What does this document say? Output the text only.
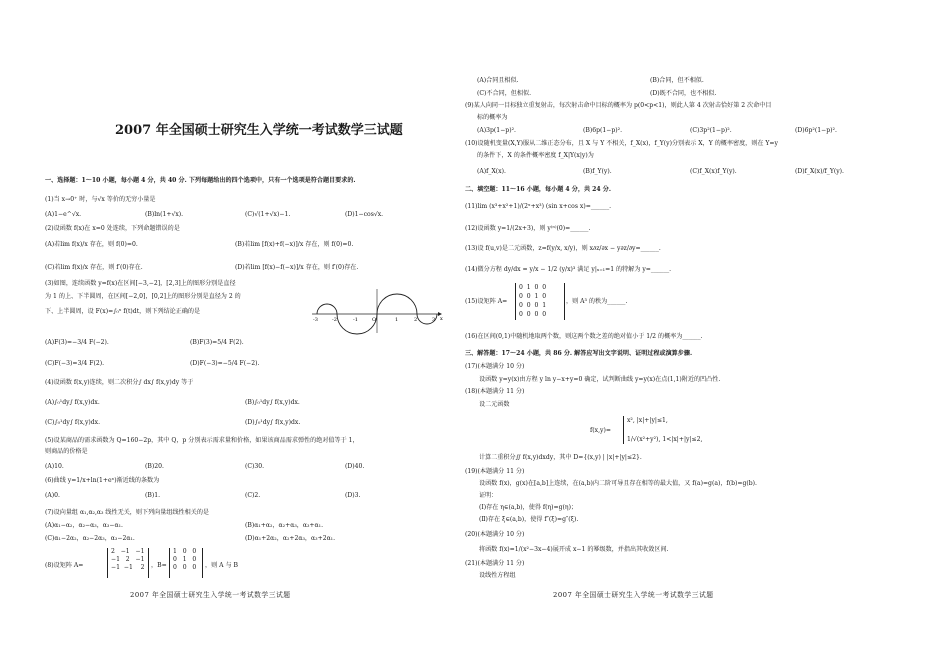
2007 年全国硕士研究生入学统一考试数学三试题
一、选择题：1～10 小题，每小题 4 分，共 40 分. 下列每题给出的四个选项中，只有一个选项是符合题目要求的.
(1)当 x→0⁺ 时，与√x 等价的无穷小量是
(A)1−e^√x.	(B)ln(1+√x).	(C)√(1+√x)−1.	(D)1−cos√x.
(2)设函数 f(x)在 x=0 处连续，下列命题错误的是
(A)若lim f(x)/x 存在，则 f(0)=0.	(B)若lim [f(x)+f(−x)]/x 存在，则 f(0)=0.
(C)若lim f(x)/x 存在，则 f′(0)存在.	(D)若lim [f(x)−f(−x)]/x 存在，则 f′(0)存在.
(3)如图，连续函数 y=f(x)在区间[−3,−2]，[2,3]上的图形分别是直径
为 1 的上、下半圆周，在区间[−2,0]，[0,2]上的图形分别是直径为 2 的
下、上半圆周，设 F(x)=∫₀ˣ f(t)dt，则下列结论正确的是
-3	-2	-1	O	1	2	3 x
(A)F(3)=−3/4 F(−2).	(B)F(3)=5/4 F(2).
(C)F(−3)=3/4 F(2).	(D)F(−3)=−5/4 F(−2).
(4)设函数 f(x,y)连续，则二次积分∫ dx∫ f(x,y)dy 等于
(A)∫₀¹dy∫ f(x,y)dx.	(B)∫₀¹dy∫ f(x,y)dx.
(C)∫₀¹dy∫ f(x,y)dx.	(D)∫₀¹dy∫ f(x,y)dx.
(5)设某商品的需求函数为 Q=160−2p，其中 Q，p 分别表示需求量和价格，如果该商品需求弹性的绝对值等于 1，
则商品的价格是
(A)10.	(B)20.	(C)30.	(D)40.
(6)曲线 y=1/x+ln(1+eˣ)渐近线的条数为
(A)0.	(B)1.	(C)2.	(D)3.
(7)设向量组 α₁,α₂,α₃ 线性无关，则下列向量组线性相关的是
(A)α₁−α₂，α₂−α₃，α₃−α₁.	(B)α₁+α₂，α₂+α₃，α₃+α₁.
(C)α₁−2α₂，α₂−2α₃，α₃−2α₁.	(D)α₁+2α₂，α₂+2α₃，α₃+2α₁.
(8)设矩阵 A=
2   −1   −1
−1   2   −1
−1  −1    2 ，B=
1   0   0
0   1   0
0   0   0 ，则 A 与 B
2007 年全国硕士研究生入学统一考试数学三试题
(A)合同且相似.	(B)合同，但不相似.
(C)不合同，但相似.	(D)既不合同，也不相似.
(9)某人向同一目标独立重复射击，每次射击命中目标的概率为 p(0<p<1)，则此人第 4 次射击恰好第 2 次命中目
标的概率为
(A)3p(1−p)².	(B)6p(1−p)².	(C)3p²(1−p)².	(D)6p²(1−p)².
(10)设随机变量(X,Y)服从二维正态分布，且 X 与 Y 不相关，f_X(x)，f_Y(y)分别表示 X，Y 的概率密度，则在 Y=y
的条件下，X 的条件概率密度 f_X|Y(x|y)为
(A)f_X(x).	(B)f_Y(y).	(C)f_X(x)f_Y(y).	(D)f_X(x)/f_Y(y).
二、填空题：11～16 小题，每小题 4 分，共 24 分.
(11)lim (x³+x²+1)/(2ˣ+x³) (sin x+cos x)=______.
(12)设函数 y=1/(2x+3)，则 y⁽ⁿ⁾(0)=______.
(13)设 f(u,v)是二元函数，z=f(y/x, x/y)，则 x∂z/∂x − y∂z/∂y=______.
(14)微分方程 dy/dx = y/x − 1/2 (y/x)³ 满足 y|ₓ₌₁=1 的特解为 y=______.
(15)设矩阵 A=
0  1  0  0
0  0  1  0
0  0  0  1
0  0  0  0
，则 A³ 的秩为______.
(16)在区间(0,1)中随机地取两个数，则这两个数之差的绝对值小于 1/2 的概率为______.
三、解答题：17～24 小题，共 86 分. 解答应写出文字说明、证明过程或演算步骤.
(17)(本题满分 10 分)
设函数 y=y(x)由方程 y ln y−x+y=0 确定，试判断曲线 y=y(x)在点(1,1)附近的凹凸性.
(18)(本题满分 11 分)
设二元函数
f(x,y)=
x², |x|+|y|≤1,
1/√(x²+y²), 1<|x|+|y|≤2,
计算二重积分∬ f(x,y)dxdy，其中 D={(x,y) | |x|+|y|≤2}.
(19)(本题满分 11 分)
设函数 f(x)，g(x)在[a,b]上连续，在(a,b)内二阶可导且存在相等的最大值，又 f(a)=g(a)，f(b)=g(b).
证明：
(Ⅰ)存在 η∈(a,b)，使得 f(η)=g(η)；
(Ⅱ)存在 ξ∈(a,b)，使得 f″(ξ)=g″(ξ).
(20)(本题满分 10 分)
将函数 f(x)=1/(x²−3x−4)展开成 x−1 的幂级数，并指出其收敛区间.
(21)(本题满分 11 分)
设线性方程组
2007 年全国硕士研究生入学统一考试数学三试题
